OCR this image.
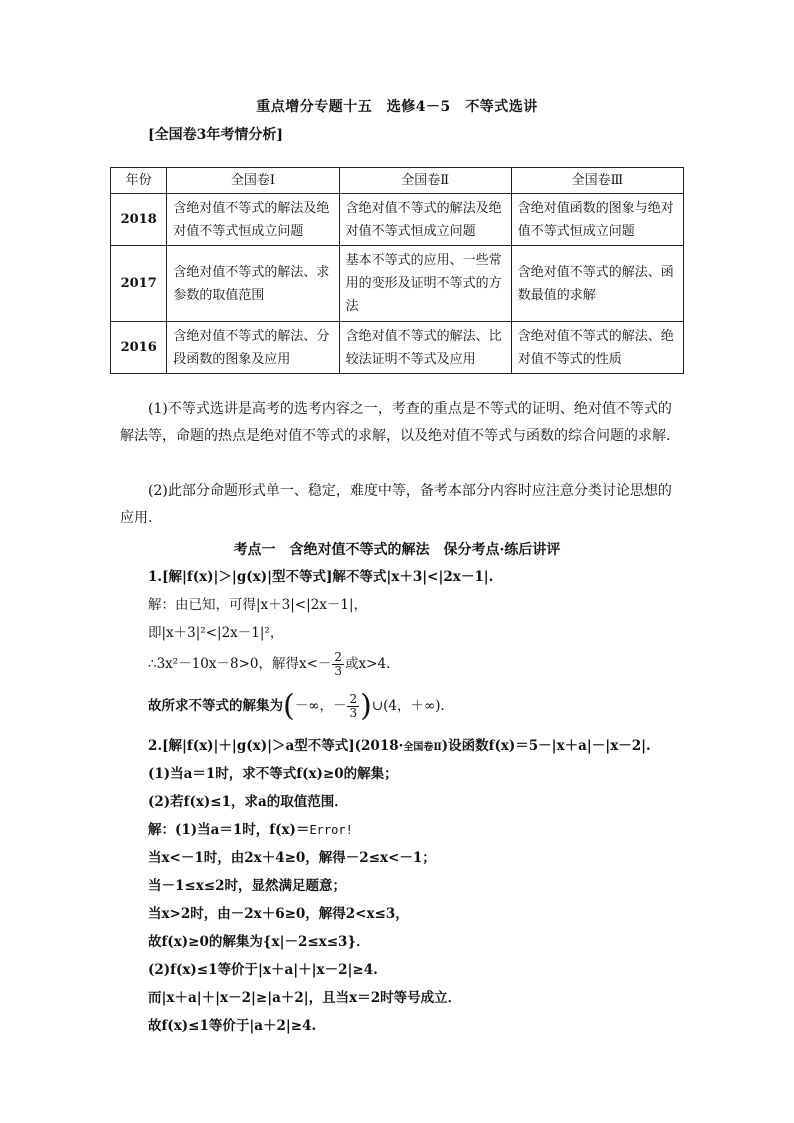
重点增分专题十五　选修4－5　不等式选讲
[全国卷3年考情分析]
年份	全国卷Ⅰ	全国卷Ⅱ	全国卷Ⅲ
2018	含绝对值不等式的解法及绝对值不等式恒成立问题	含绝对值不等式的解法及绝对值不等式恒成立问题	含绝对值函数的图象与绝对值不等式恒成立问题
2017	含绝对值不等式的解法、求参数的取值范围	基本不等式的应用、一些常用的变形及证明不等式的方法	含绝对值不等式的解法、函数最值的求解
2016	含绝对值不等式的解法、分段函数的图象及应用	含绝对值不等式的解法、比较法证明不等式及应用	含绝对值不等式的解法、绝对值不等式的性质
(1)不等式选讲是高考的选考内容之一，考查的重点是不等式的证明、绝对值不等式的解法等，命题的热点是绝对值不等式的求解，以及绝对值不等式与函数的综合问题的求解．
(2)此部分命题形式单一、稳定，难度中等，备考本部分内容时应注意分类讨论思想的应用．
考点一　含绝对值不等式的解法　保分考点·练后讲评
1.[解|f(x)|＞|g(x)|型不等式]解不等式|x＋3|<|2x－1|.
解：由已知，可得|x＋3|<|2x－1|，
即|x＋3|²<|2x－1|²，
∴3x²－10x－8>0，解得$x<- \frac{2}{3}$ 或x>4.
故所求不等式的解集为(－∞，－ $\frac{2}{3}$ )∪(4，＋∞)．
2.[解|f(x)|＋|g(x)|＞a型不等式](2018·全国卷Ⅱ)设函数f(x)＝5－|x＋a|－|x－2|.
(1)当a＝1时，求不等式f(x)≥0的解集；
(2)若f(x)≤1，求a的取值范围．
解：(1)当a＝1时，f(x)＝Error!
当x<－1时，由2x＋4≥0，解得－2≤x<－1；
当－1≤x≤2时，显然满足题意；
当x>2时，由－2x＋6≥0，解得2<x≤3，
故f(x)≥0的解集为{x|－2≤x≤3}．
(2)f(x)≤1等价于|x＋a|＋|x－2|≥4.
而|x＋a|＋|x－2|≥|a＋2|，且当x＝2时等号成立．
故f(x)≤1等价于|a＋2|≥4.
